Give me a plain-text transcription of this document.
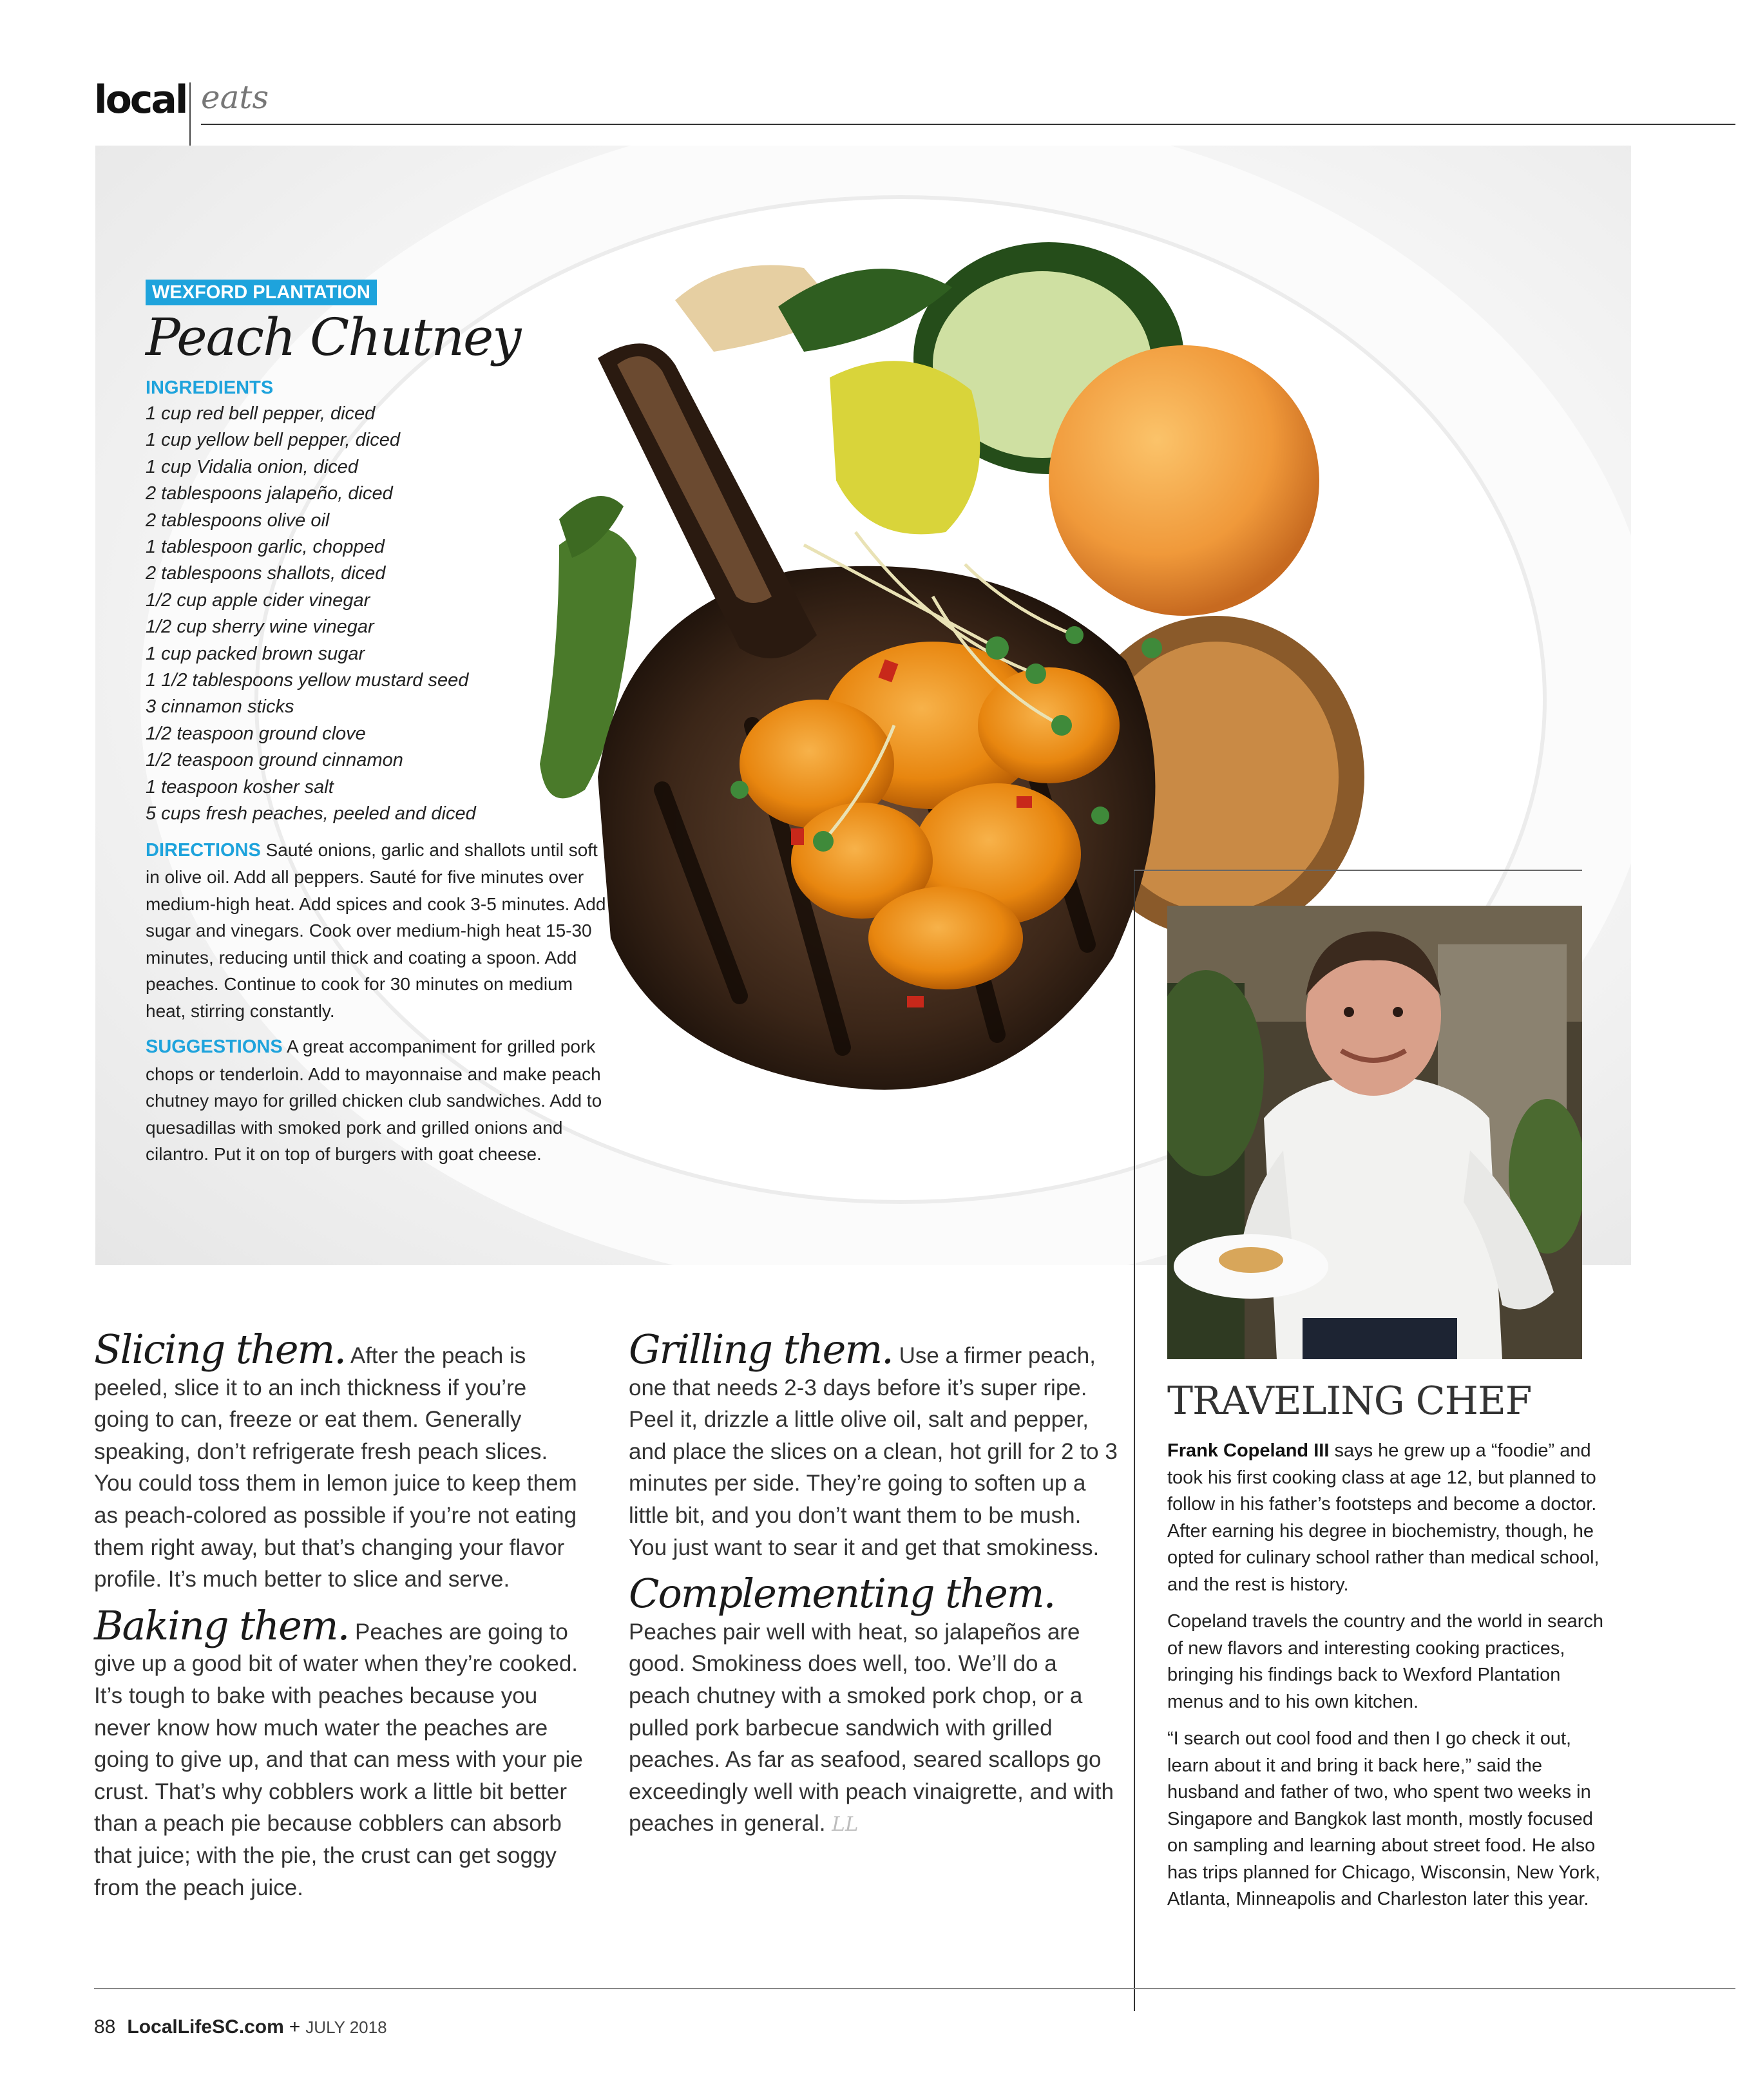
local eats
WEXFORD PLANTATION
Peach Chutney
INGREDIENTS
1 cup red bell pepper, diced
1 cup yellow bell pepper, diced
1 cup Vidalia onion, diced
2 tablespoons jalapeño, diced
2 tablespoons olive oil
1 tablespoon garlic, chopped
2 tablespoons shallots, diced
1/2 cup apple cider vinegar
1/2 cup sherry wine vinegar
1 cup packed brown sugar
1 1/2 tablespoons yellow mustard seed
3 cinnamon sticks
1/2 teaspoon ground clove
1/2 teaspoon ground cinnamon
1 teaspoon kosher salt
5 cups fresh peaches, peeled and diced

DIRECTIONS Sauté onions, garlic and shallots until soft in olive oil. Add all peppers. Sauté for five minutes over medium-high heat. Add spices and cook 3-5 minutes. Add sugar and vinegars. Cook over medium-high heat 15-30 minutes, reducing until thick and coating a spoon. Add peaches. Continue to cook for 30 minutes on medium heat, stirring constantly.

SUGGESTIONS A great accompaniment for grilled pork chops or tenderloin. Add to mayonnaise and make peach chutney mayo for grilled chicken club sandwiches. Add to quesadillas with smoked pork and grilled onions and cilantro. Put it on top of burgers with goat cheese.

Slicing them. After the peach is peeled, slice it to an inch thickness if you’re going to can, freeze or eat them. Generally speaking, don’t refrigerate fresh peach slices. You could toss them in lemon juice to keep them as peach-colored as possible if you’re not eating them right away, but that’s changing your flavor profile. It’s much better to slice and serve.

Baking them. Peaches are going to give up a good bit of water when they’re cooked. It’s tough to bake with peaches because you never know how much water the peaches are going to give up, and that can mess with your pie crust. That’s why cobblers work a little bit better than a peach pie because cobblers can absorb that juice; with the pie, the crust can get soggy from the peach juice.

Grilling them. Use a firmer peach, one that needs 2-3 days before it’s super ripe. Peel it, drizzle a little olive oil, salt and pepper, and place the slices on a clean, hot grill for 2 to 3 minutes per side. They’re going to soften up a little bit, and you don’t want them to be mush. You just want to sear it and get that smokiness.

Complementing them.
Peaches pair well with heat, so jalapeños are good. Smokiness does well, too. We’ll do a peach chutney with a smoked pork chop, or a pulled pork barbecue sandwich with grilled peaches. As far as seafood, seared scallops go exceedingly well with peach vinaigrette, and with peaches in general. LL

TRAVELING CHEF

Frank Copeland III says he grew up a “foodie” and took his first cooking class at age 12, but planned to follow in his father’s footsteps and become a doctor. After earning his degree in biochemistry, though, he opted for culinary school rather than medical school, and the rest is history.

Copeland travels the country and the world in search of new flavors and interesting cooking practices, bringing his findings back to Wexford Plantation menus and to his own kitchen.

“I search out cool food and then I go check it out, learn about it and bring it back here,” said the husband and father of two, who spent two weeks in Singapore and Bangkok last month, mostly focused on sampling and learning about street food. He also has trips planned for Chicago, Wisconsin, New York, Atlanta, Minneapolis and Charleston later this year.

88 LocalLifeSC.com + JULY 2018
